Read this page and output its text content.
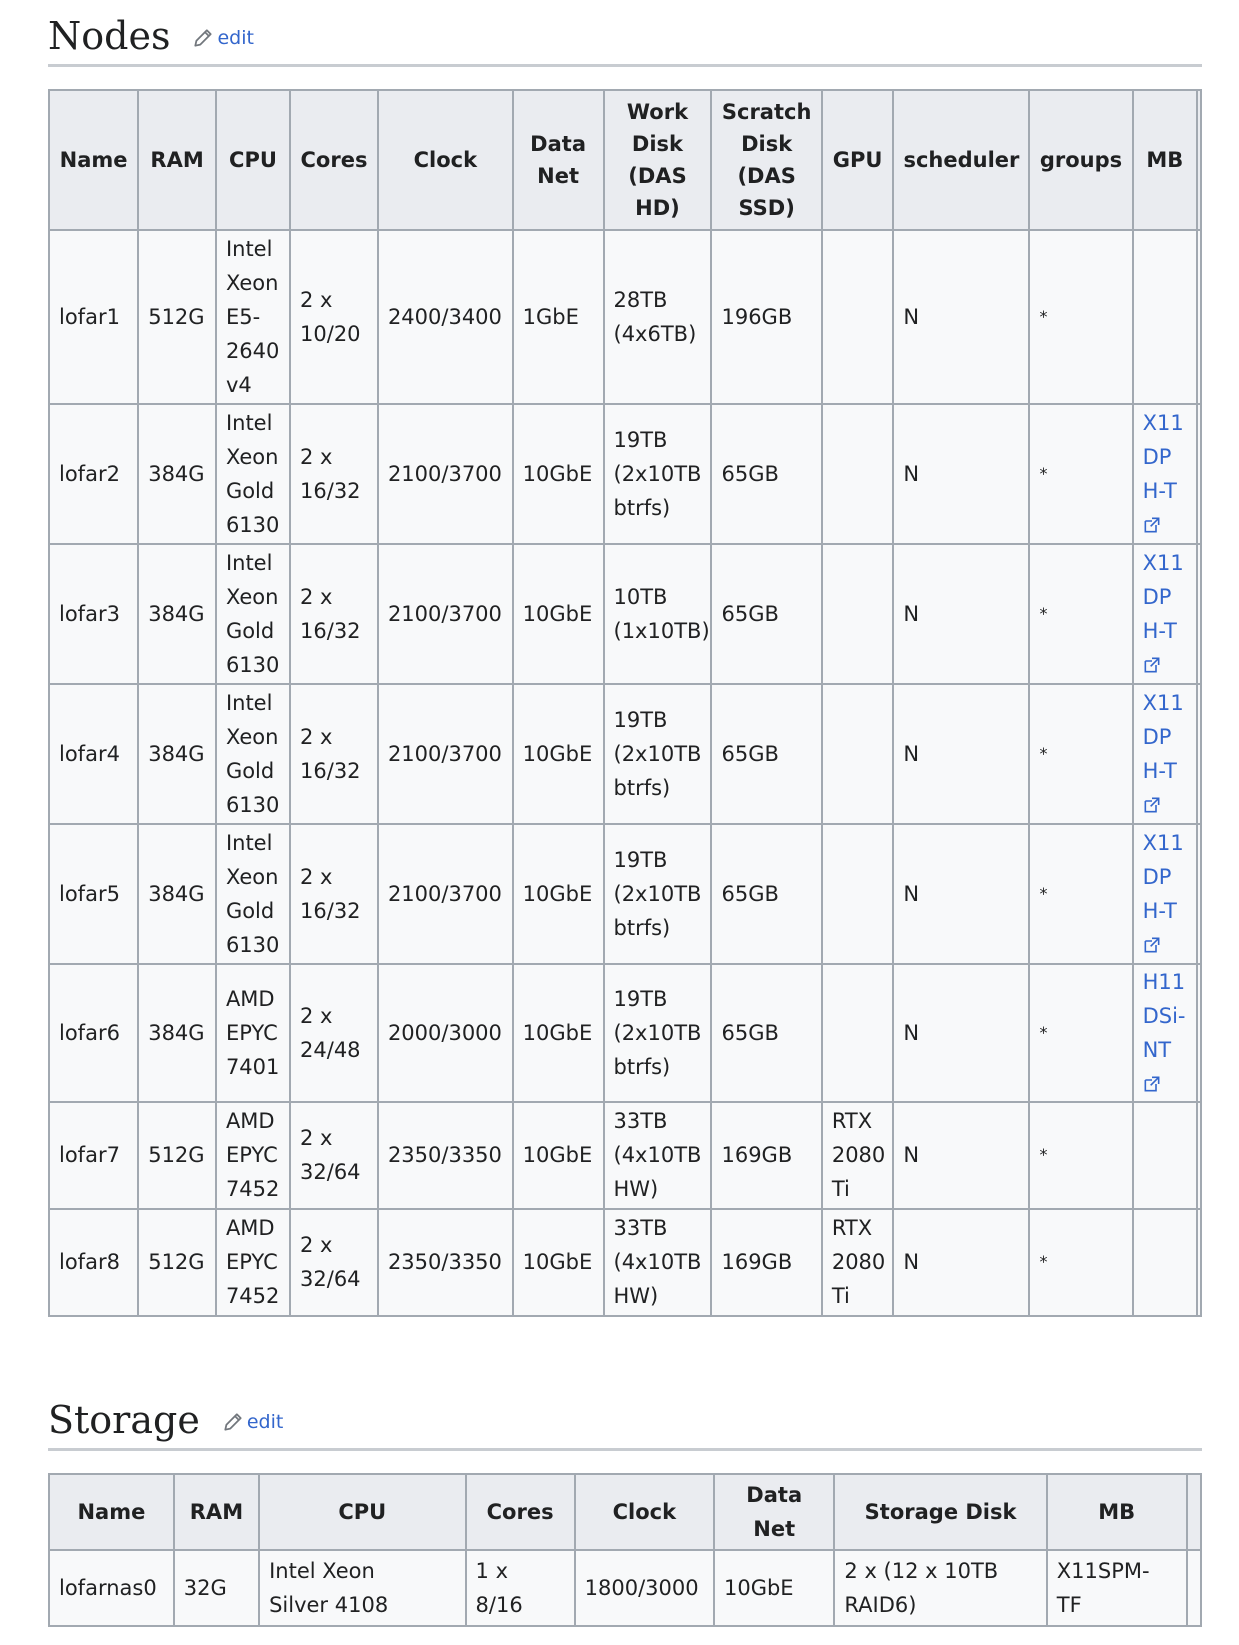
Nodes edit
Name	RAM	CPU	Cores	Clock	Data Net	Work Disk (DAS HD)	Scratch Disk (DAS SSD)	GPU	scheduler	groups	MB	

lofar1	512G	Intel Xeon E5-2640 v4	2 x 10/20	2400/3400	1GbE	28TB (4x6TB)	196GB		N	*		

lofar2	384G	Intel Xeon Gold 6130	2 x 16/32	2100/3700	10GbE	19TB (2x10TB btrfs)	65GB		N	*	X11DPH-T	

lofar3	384G	Intel Xeon Gold 6130	2 x 16/32	2100/3700	10GbE	10TB (1x10TB)	65GB		N	*	X11DPH-T	

lofar4	384G	Intel Xeon Gold 6130	2 x 16/32	2100/3700	10GbE	19TB (2x10TB btrfs)	65GB		N	*	X11DPH-T	

lofar5	384G	Intel Xeon Gold 6130	2 x 16/32	2100/3700	10GbE	19TB (2x10TB btrfs)	65GB		N	*	X11DPH-T	

lofar6	384G	AMD EPYC 7401	2 x 24/48	2000/3000	10GbE	19TB (2x10TB btrfs)	65GB		N	*	H11DSi-NT	

lofar7	512G	AMD EPYC 7452	2 x 32/64	2350/3350	10GbE	33TB (4x10TB HW)	169GB	RTX 2080 Ti	N	*		

lofar8	512G	AMD EPYC 7452	2 x 32/64	2350/3350	10GbE	33TB (4x10TB HW)	169GB	RTX 2080 Ti	N	*		

Storage edit
Name	RAM	CPU	Cores	Clock	Data Net	Storage Disk	MB	

lofarnas0	32G	Intel Xeon Silver 4108	1 x 8/16	1800/3000	10GbE	2 x (12 x 10TB RAID6)	X11SPM-TF	
